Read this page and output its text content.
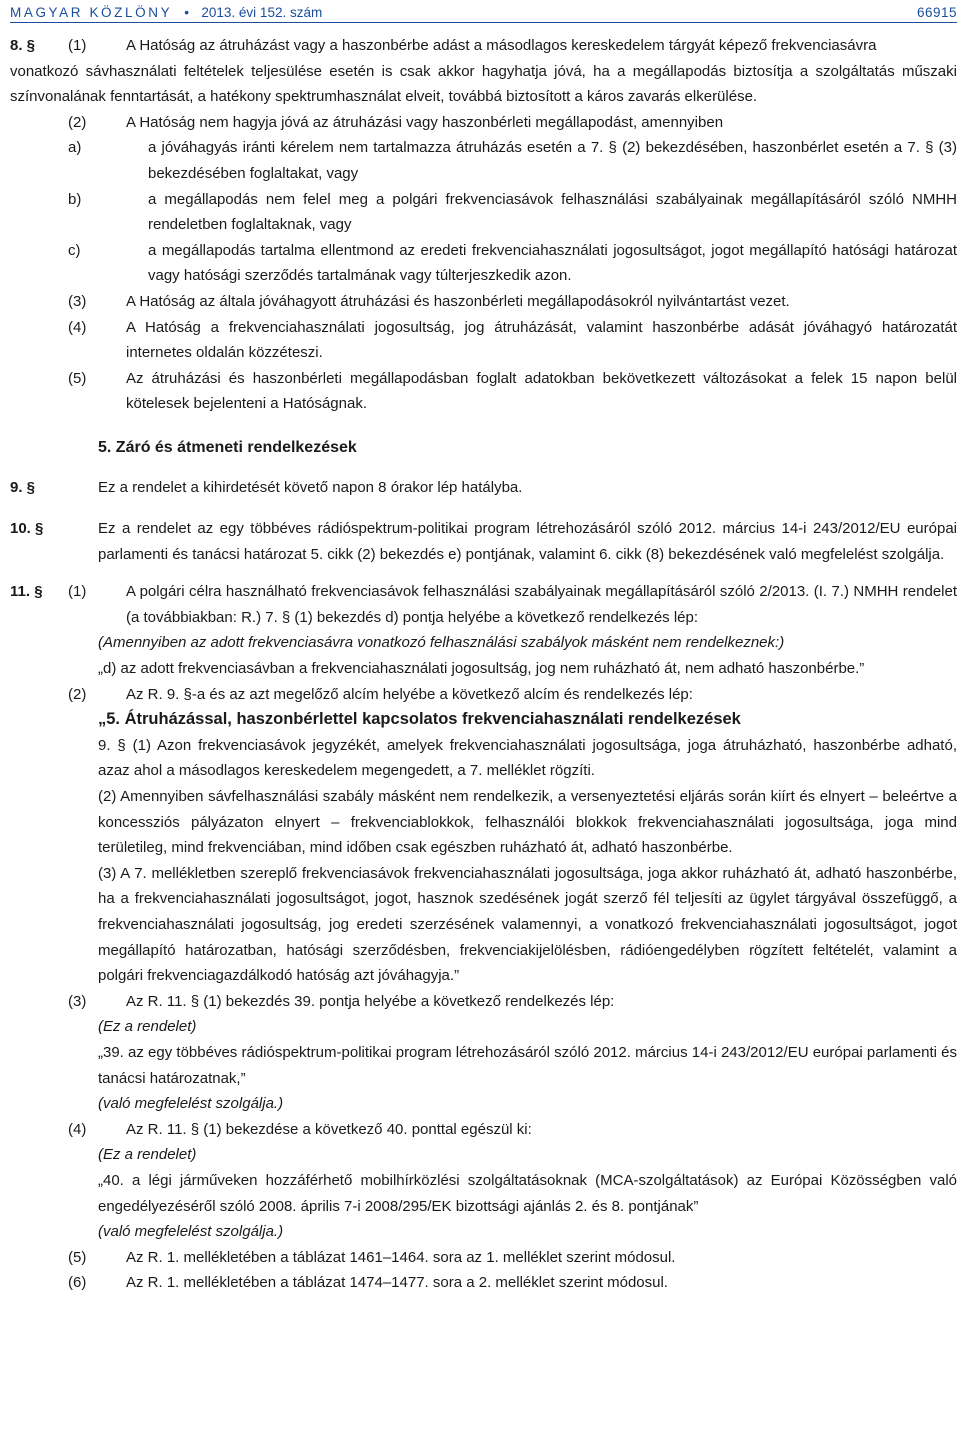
MAGYAR KÖZLÖNY • 2013. évi 152. szám	66915
8. § (1)	A Hatóság az átruházást vagy a haszonbérbe adást a másodlagos kereskedelem tárgyát képező frekvenciasávra
vonatkozó sávhasználati feltételek teljesülése esetén is csak akkor hagyhatja jóvá, ha a megállapodás biztosítja a szolgáltatás műszaki színvonalának fenntartását, a hatékony spektrumhasználat elveit, továbbá biztosított a káros zavarás elkerülése.
(2)	A Hatóság nem hagyja jóvá az átruházási vagy haszonbérleti megállapodást, amennyiben
a)	a jóváhagyás iránti kérelem nem tartalmazza átruházás esetén a 7. § (2) bekezdésében, haszonbérlet esetén a 7. § (3) bekezdésében foglaltakat, vagy
b)	a megállapodás nem felel meg a polgári frekvenciasávok felhasználási szabályainak megállapításáról szóló NMHH rendeletben foglaltaknak, vagy
c)	a megállapodás tartalma ellentmond az eredeti frekvenciahasználati jogosultságot, jogot megállapító hatósági határozat vagy hatósági szerződés tartalmának vagy túlterjeszkedik azon.
(3)	A Hatóság az általa jóváhagyott átruházási és haszonbérleti megállapodásokról nyilvántartást vezet.
(4)	A Hatóság a frekvenciahasználati jogosultság, jog átruházását, valamint haszonbérbe adását jóváhagyó határozatát internetes oldalán közzéteszi.
(5)	Az átruházási és haszonbérleti megállapodásban foglalt adatokban bekövetkezett változásokat a felek 15 napon belül kötelesek bejelenteni a Hatóságnak.
5. Záró és átmeneti rendelkezések
9. §	Ez a rendelet a kihirdetését követő napon 8 órakor lép hatályba.
10. §	Ez a rendelet az egy többéves rádióspektrum-politikai program létrehozásáról szóló 2012. március 14-i 243/2012/EU európai parlamenti és tanácsi határozat 5. cikk (2) bekezdés e) pontjának, valamint 6. cikk (8) bekezdésének való megfelelést szolgálja.
11. § (1)	A polgári célra használható frekvenciasávok felhasználási szabályainak megállapításáról szóló 2/2013. (I. 7.) NMHH rendelet (a továbbiakban: R.) 7. § (1) bekezdés d) pontja helyébe a következő rendelkezés lép:
(Amennyiben az adott frekvenciasávra vonatkozó felhasználási szabályok másként nem rendelkeznek:)
„d) az adott frekvenciasávban a frekvenciahasználati jogosultság, jog nem ruházható át, nem adható haszonbérbe.”
(2)	Az R. 9. §-a és az azt megelőző alcím helyébe a következő alcím és rendelkezés lép:
„5. Átruházással, haszonbérlettel kapcsolatos frekvenciahasználati rendelkezések
9. § (1) Azon frekvenciasávok jegyzékét, amelyek frekvenciahasználati jogosultsága, joga átruházható, haszonbérbe adható, azaz ahol a másodlagos kereskedelem megengedett, a 7. melléklet rögzíti.
(2) Amennyiben sávfelhasználási szabály másként nem rendelkezik, a versenyeztetési eljárás során kiírt és elnyert – beleértve a koncessziós pályázaton elnyert – frekvenciablokkok, felhasználói blokkok frekvenciahasználati jogosultsága, joga mind területileg, mind frekvenciában, mind időben csak egészben ruházható át, adható haszonbérbe.
(3) A 7. mellékletben szereplő frekvenciasávok frekvenciahasználati jogosultsága, joga akkor ruházható át, adható haszonbérbe, ha a frekvenciahasználati jogosultságot, jogot, hasznok szedésének jogát szerző fél teljesíti az ügylet tárgyával összefüggő, a frekvenciahasználati jogosultság, jog eredeti szerzésének valamennyi, a vonatkozó frekvenciahasználati jogosultságot, jogot megállapító határozatban, hatósági szerződésben, frekvenciakijelölésben, rádióengedélyben rögzített feltételét, valamint a polgári frekvenciagazdálkodó hatóság azt jóváhagyja.”
(3)	Az R. 11. § (1) bekezdés 39. pontja helyébe a következő rendelkezés lép:
(Ez a rendelet)
„39. az egy többéves rádióspektrum-politikai program létrehozásáról szóló 2012. március 14-i 243/2012/EU európai parlamenti és tanácsi határozatnak,”
(való megfelelést szolgálja.)
(4)	Az R. 11. § (1) bekezdése a következő 40. ponttal egészül ki:
(Ez a rendelet)
„40. a légi járműveken hozzáférhető mobilhírközlési szolgáltatásoknak (MCA-szolgáltatások) az Európai Közösségben való engedélyezéséről szóló 2008. április 7-i 2008/295/EK bizottsági ajánlás 2. és 8. pontjának”
(való megfelelést szolgálja.)
(5)	Az R. 1. mellékletében a táblázat 1461–1464. sora az 1. melléklet szerint módosul.
(6)	Az R. 1. mellékletében a táblázat 1474–1477. sora a 2. melléklet szerint módosul.
